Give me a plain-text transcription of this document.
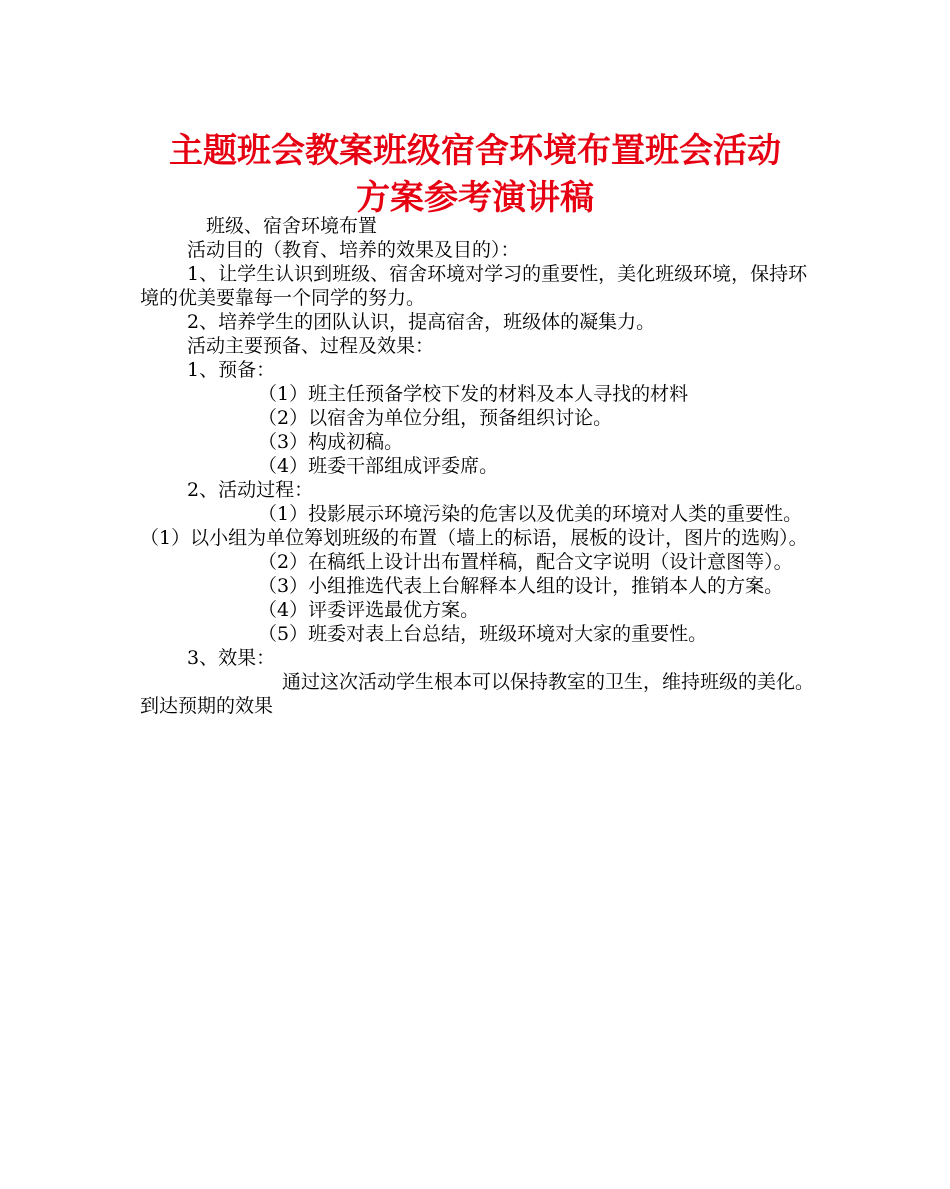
主题班会教案班级宿舍环境布置班会活动
方案参考演讲稿

班级、宿舍环境布置

活动目的（教育、培养的效果及目的）：

1、让学生认识到班级、宿舍环境对学习的重要性，美化班级环境，保持环境的优美要靠每一个同学的努力。

2、培养学生的团队认识，提高宿舍，班级体的凝集力。

活动主要预备、过程及效果：

1、预备：

（1）班主任预备学校下发的材料及本人寻找的材料

（2）以宿舍为单位分组，预备组织讨论。

（3）构成初稿。

（4）班委干部组成评委席。

2、活动过程：

（1）投影展示环境污染的危害以及优美的环境对人类的重要性。（1）以小组为单位筹划班级的布置（墙上的标语，展板的设计，图片的选购）。

（2）在稿纸上设计出布置样稿，配合文字说明（设计意图等）。

（3）小组推选代表上台解释本人组的设计，推销本人的方案。

（4）评委评选最优方案。

（5）班委对表上台总结，班级环境对大家的重要性。

3、效果：

通过这次活动学生根本可以保持教室的卫生，维持班级的美化。到达预期的效果
